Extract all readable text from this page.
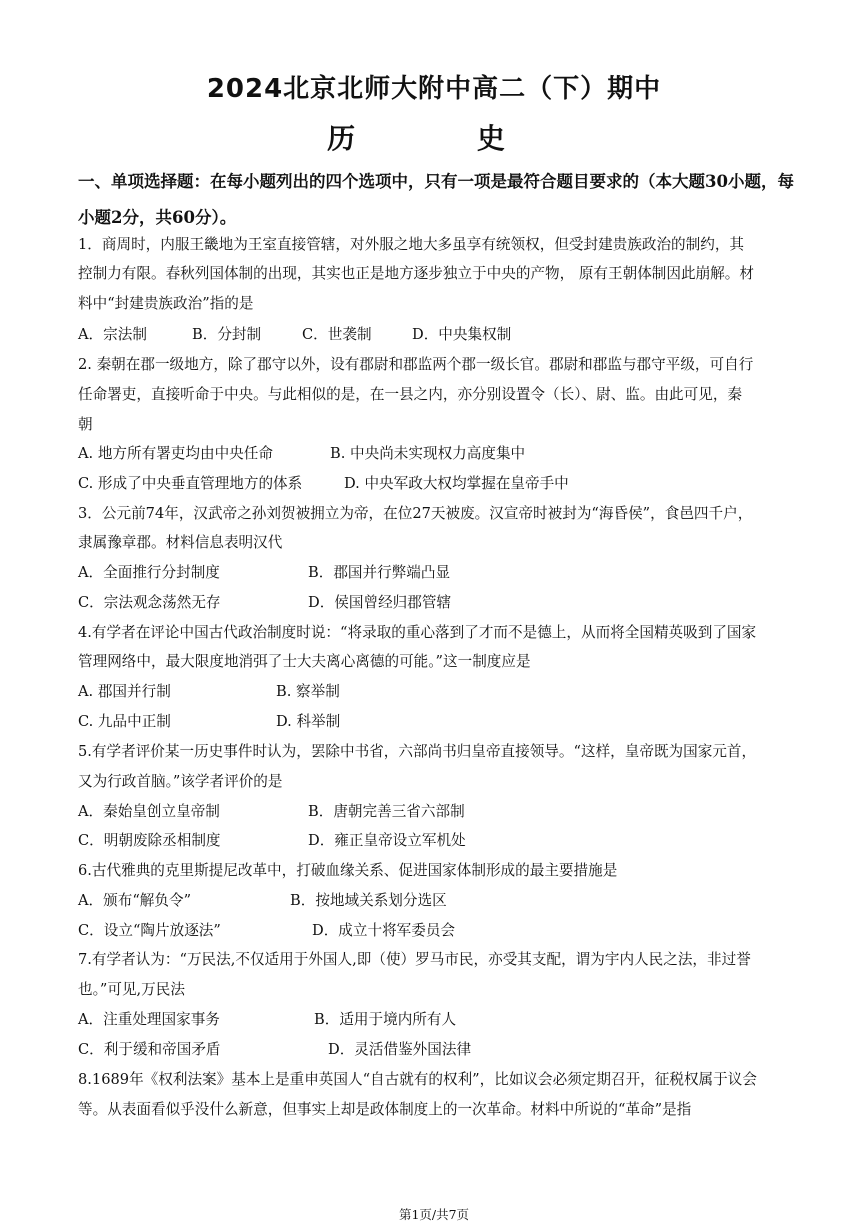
2024北京北师大附中高二（下）期中
历 史
一、单项选择题：在每小题列出的四个选项中，只有一项是最符合题目要求的（本大题30小题，每小题2分，共60分）。
1．商周时，内服王畿地为王室直接管辖，对外服之地大多虽享有统领权，但受封建贵族政治的制约，其
控制力有限。春秋列国体制的出现，其实也正是地方逐步独立于中央的产物， 原有王朝体制因此崩解。材
料中“封建贵族政治”指的是
A．宗法制	B．分封制	C．世袭制	D．中央集权制
2. 秦朝在郡一级地方，除了郡守以外，设有郡尉和郡监两个郡一级长官。郡尉和郡监与郡守平级，可自行
任命署吏，直接听命于中央。与此相似的是，在一县之内，亦分别设置令（长）、尉、监。由此可见，秦
朝
A. 地方所有署吏均由中央任命	B. 中央尚未实现权力高度集中
C. 形成了中央垂直管理地方的体系	D. 中央军政大权均掌握在皇帝手中
3．公元前74年，汉武帝之孙刘贺被拥立为帝，在位27天被废。汉宣帝时被封为“海昏侯”，食邑四千户，
隶属豫章郡。材料信息表明汉代
A．全面推行分封制度	B．郡国并行弊端凸显
C．宗法观念荡然无存	D．侯国曾经归郡管辖
4.有学者在评论中国古代政治制度时说：“将录取的重心落到了才而不是德上，从而将全国精英吸到了国家
管理网络中，最大限度地消弭了士大夫离心离德的可能。”这一制度应是
A. 郡国并行制	B. 察举制
C. 九品中正制	D. 科举制
5.有学者评价某一历史事件时认为，罢除中书省，六部尚书归皇帝直接领导。“这样，皇帝既为国家元首，
又为行政首脑。”该学者评价的是
A．秦始皇创立皇帝制	B．唐朝完善三省六部制
C．明朝废除丞相制度	D．雍正皇帝设立军机处
6.古代雅典的克里斯提尼改革中，打破血缘关系、促进国家体制形成的最主要措施是
A．颁布“解负令”	B．按地域关系划分选区
C．设立“陶片放逐法”	D．成立十将军委员会
7.有学者认为：“万民法,不仅适用于外国人,即（使）罗马市民，亦受其支配，谓为宇内人民之法，非过誉
也。”可见,万民法
A．注重处理国家事务	B．适用于境内所有人
C．利于缓和帝国矛盾	D．灵活借鉴外国法律
8.1689年《权利法案》基本上是重申英国人“自古就有的权利”，比如议会必须定期召开，征税权属于议会
等。从表面看似乎没什么新意，但事实上却是政体制度上的一次革命。材料中所说的“革命”是指
第1页/共7页
